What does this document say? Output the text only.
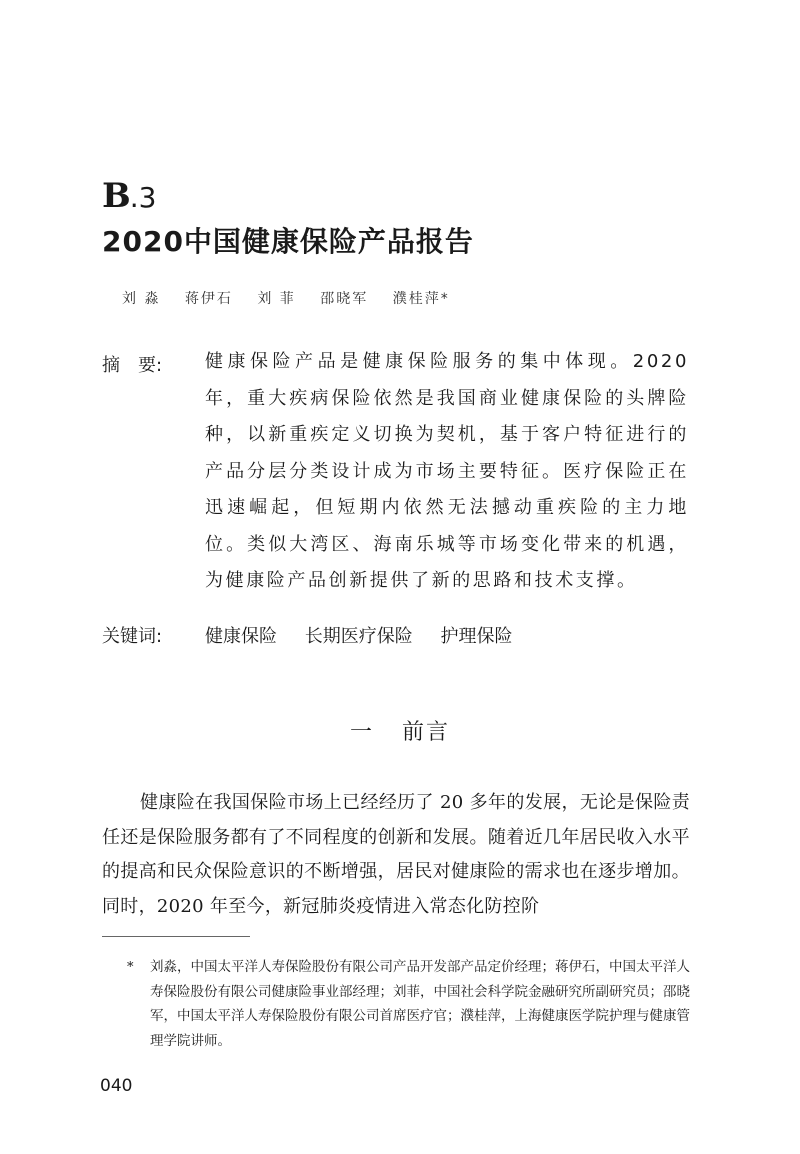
B.3
2020中国健康保险产品报告
刘 淼 蒋伊石 刘 菲 邵晓军 濮桂萍*
摘　要: 健康保险产品是健康保险服务的集中体现。2020年，重大疾病保险依然是我国商业健康保险的头牌险种，以新重疾定义切换为契机，基于客户特征进行的产品分层分类设计成为市场主要特征。医疗保险正在迅速崛起，但短期内依然无法撼动重疾险的主力地位。类似大湾区、海南乐城等市场变化带来的机遇，为健康险产品创新提供了新的思路和技术支撑。
关键词: 健康保险 长期医疗保险 护理保险
一 前言
健康险在我国保险市场上已经经历了 20 多年的发展，无论是保险责任还是保险服务都有了不同程度的创新和发展。随着近几年居民收入水平的提高和民众保险意识的不断增强，居民对健康险的需求也在逐步增加。同时，2020 年至今，新冠肺炎疫情进入常态化防控阶
* 刘淼，中国太平洋人寿保险股份有限公司产品开发部产品定价经理；蒋伊石，中国太平洋人寿保险股份有限公司健康险事业部经理；刘菲，中国社会科学院金融研究所副研究员；邵晓军，中国太平洋人寿保险股份有限公司首席医疗官；濮桂萍，上海健康医学院护理与健康管理学院讲师。
040
